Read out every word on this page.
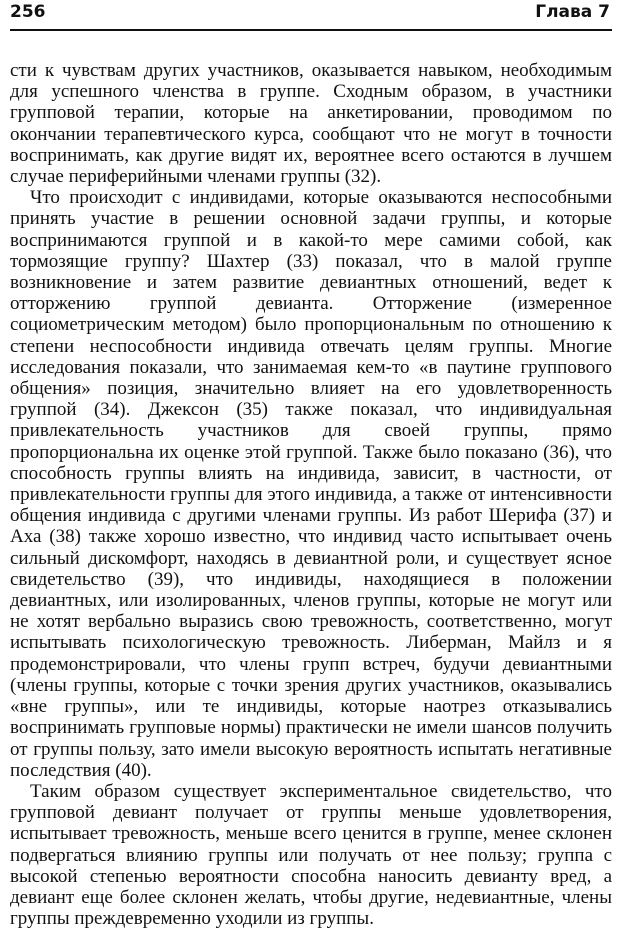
256	Глава 7

сти к чувствам других участников, оказывается навыком, необходимым для успешного членства в группе. Сходным образом, в участники групповой терапии, которые на анкетировании, проводимом по окончании терапевтического курса, сообщают что не могут в точности воспринимать, как другие видят их, вероятнее всего остаются в лучшем случае периферийными членами группы (32).

Что происходит с индивидами, которые оказываются неспособными принять участие в решении основной задачи группы, и которые воспринимаются группой и в какой-то мере самими собой, как тормозящие группу? Шахтер (33) показал, что в малой группе возникновение и затем развитие девиантных отношений, ведет к отторжению группой девианта. Отторжение (измеренное социометрическим методом) было пропорциональным по отношению к степени неспособности индивида отвечать целям группы. Многие исследования показали, что занимаемая кем-то «в паутине группового общения» позиция, значительно влияет на его удовлетворенность группой (34). Джексон (35) также показал, что индивидуальная привлекательность участников для своей группы, прямо пропорциональна их оценке этой группой. Также было показано (36), что способность группы влиять на индивида, зависит, в частности, от привлекательности группы для этого индивида, а также от интенсивности общения индивида с другими членами группы. Из работ Шерифа (37) и Аха (38) также хорошо известно, что индивид часто испытывает очень сильный дискомфорт, находясь в девиантной роли, и существует ясное свидетельство (39), что индивиды, находящиеся в положении девиантных, или изолированных, членов группы, которые не могут или не хотят вербально выразись свою тревожность, соответственно, могут испытывать психологическую тревожность. Либерман, Майлз и я продемонстрировали, что члены групп встреч, будучи девиантными (члены группы, которые с точки зрения других участников, оказывались «вне группы», или те индивиды, которые наотрез отказывались воспринимать групповые нормы) практически не имели шансов получить от группы пользу, зато имели высокую вероятность испытать негативные последствия (40).

Таким образом существует экспериментальное свидетельство, что групповой девиант получает от группы меньше удовлетворения, испытывает тревожность, меньше всего ценится в группе, менее склонен подвергаться влиянию группы или получать от нее пользу; группа с высокой степенью вероятности способна наносить девианту вред, а девиант еще более склонен желать, чтобы другие, недевиантные, члены группы преждевременно уходили из группы.
